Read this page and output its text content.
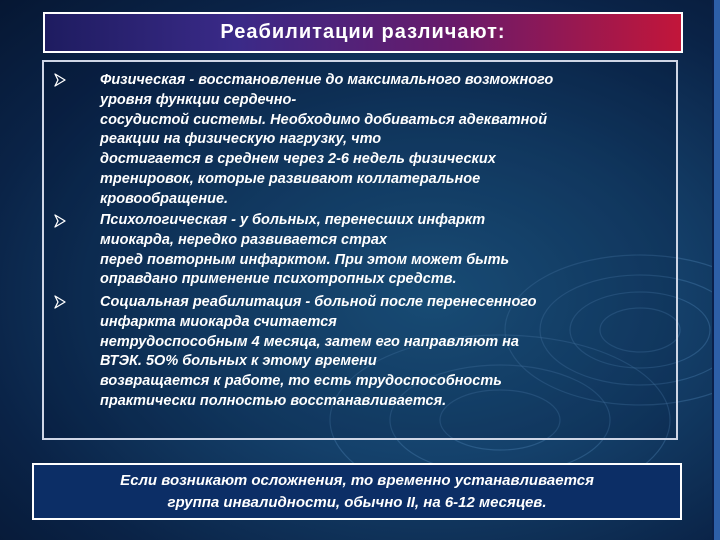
Реабилитации различают:

Физическая - восстановление до максимального возможного
уровня функции сердечно-
сосудистой системы. Необходимо добиваться адекватной
реакции на физическую нагрузку, что
достигается в среднем через 2-6 недель физических
тренировок, которые развивают коллатеральное
кровообращение.

Психологическая - у больных, перенесших инфаркт
миокарда, нередко развивается страх
перед повторным инфарктом. При этом может быть
оправдано применение психотропных средств.

Социальная реабилитация - больной после перенесенного
инфаркта миокарда считается
нетрудоспособным 4 месяца, затем его направляют на
ВТЭК. 5О% больных к этому времени
возвращается к работе, то есть трудоспособность
практически полностью восстанавливается.

Если возникают осложнения, то временно устанавливается
группа инвалидности, обычно II, на 6-12 месяцев.
